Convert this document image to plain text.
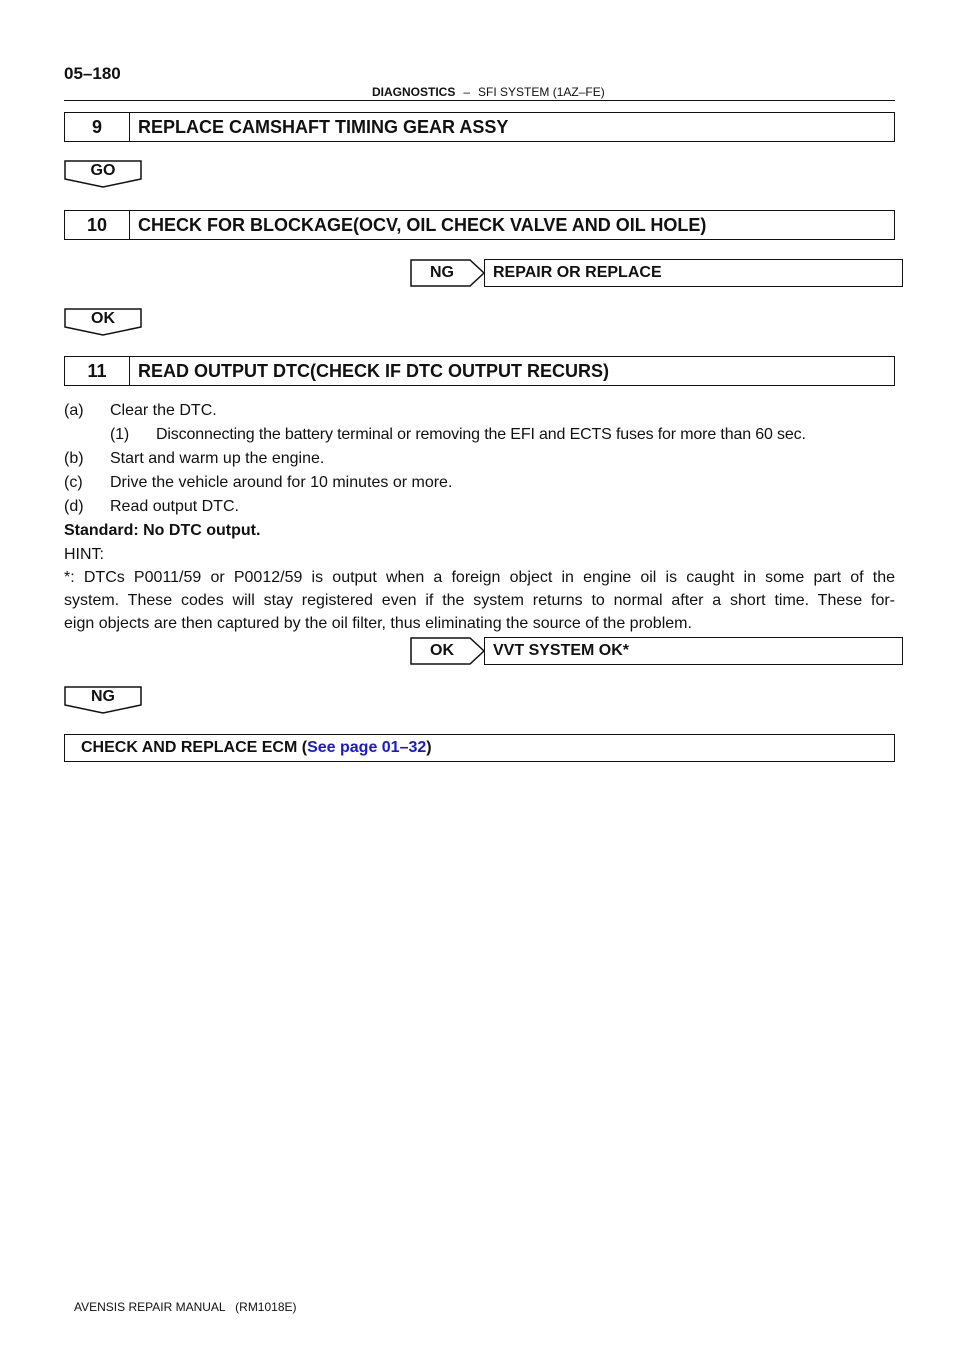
05–180
DIAGNOSTICS – SFI SYSTEM (1AZ–FE)
9	REPLACE CAMSHAFT TIMING GEAR ASSY
GO
10	CHECK FOR BLOCKAGE(OCV, OIL CHECK VALVE AND OIL HOLE)
NG	REPAIR OR REPLACE
OK
11	READ OUTPUT DTC(CHECK IF DTC OUTPUT RECURS)
(a) Clear the DTC.
(1) Disconnecting the battery terminal or removing the EFI and ECTS fuses for more than 60 sec.
(b) Start and warm up the engine.
(c) Drive the vehicle around for 10 minutes or more.
(d) Read output DTC.
Standard: No DTC output.
HINT:
*: DTCs P0011/59 or P0012/59 is output when a foreign object in engine oil is caught in some part of the
system. These codes will stay registered even if the system returns to normal after a short time. These for-
eign objects are then captured by the oil filter, thus eliminating the source of the problem.
OK	VVT SYSTEM OK*
NG
CHECK AND REPLACE ECM (See page 01–32)
AVENSIS REPAIR MANUAL   (RM1018E)
